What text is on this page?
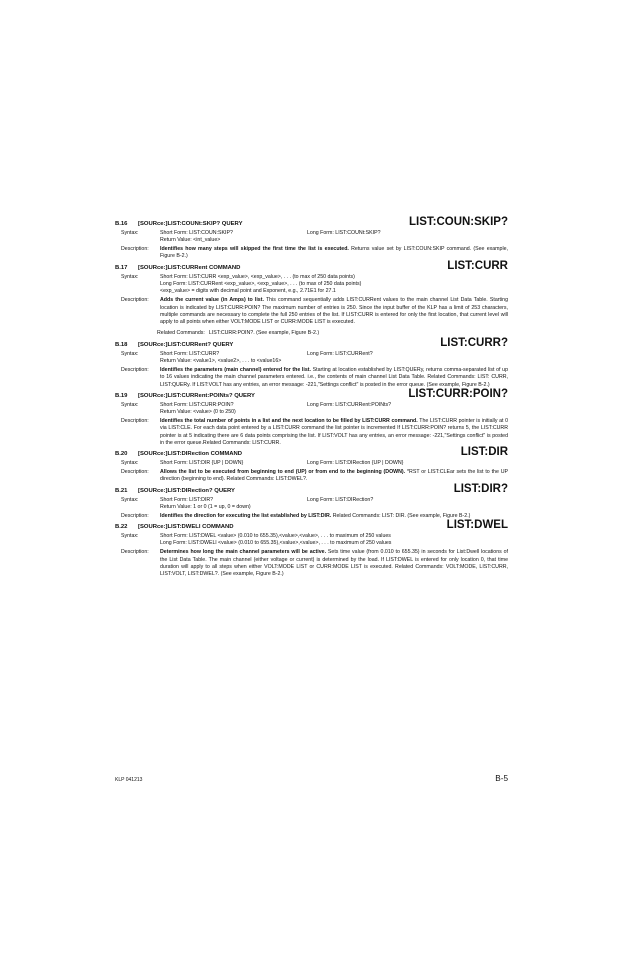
B.16 [SOURce:]LIST:COUNt:SKIP? QUERY	LIST:COUN:SKIP?
Syntax:	Short Form: LIST:COUN:SKIP?	Long Form: LIST:COUNt:SKIP?
Return Value: <int_value>
Description:	Identifies how many steps will skipped the first time the list is executed. Returns value set by LIST:COUN:SKIP command. (See example, Figure B-2.)
B.17 [SOURce:]LIST:CURRent COMMAND	LIST:CURR
Syntax:	Short Form: LIST:CURR <exp_value>, <exp_value>, . . . (to max of 250 data points)
Long Form: LIST:CURRent <exp_value>, <exp_value>, . . . (to max of 250 data points)
<exp_value> = digits with decimal point and Exponent, e.g., 2.71E1 for 27.1
Description:	Adds the current value (in Amps) to list. This command sequentially adds LIST:CURRent values to the main channel List Data Table. Starting location is indicated by LIST:CURR:POIN? The maximum number of entries is 250. Since the input buffer of the KLP has a limit of 253 characters, multiple commands are necessary to complete the full 250 entries of the list. If LIST:CURR is entered for only the first location, that current level will apply to all points when either VOLT:MODE LIST or CURR:MODE LIST is executed.
Related Commands: LIST:CURR:POIN?. (See example, Figure B-2.)
B.18 [SOURce:]LIST:CURRent? QUERY	LIST:CURR?
Syntax:	Short Form: LIST:CURR?	Long Form: LIST:CURRent?
Return Value: <value1>, <value2>, . . . to <value16>
Description:	Identifies the parameters (main channel) entered for the list. Starting at location established by LIST:QUERy, returns comma-separated list of up to 16 values indicating the main channel parameters entered. i.e., the contents of main channel List Data Table. Related Commands: LIST: CURR, LIST:QUERy. If LIST:VOLT has any entries, an error message: -221,"Settings conflict" is posted in the error queue. (See example, Figure B-2.)
B.19 [SOURce:]LIST:CURRent:POINts? QUERY	LIST:CURR:POIN?
Syntax:	Short Form: LIST:CURR:POIN?	Long Form: LIST:CURRent:POINts?
Return Value: <value> (0 to 250)
Description:	Identifies the total number of points in a list and the next location to be filled by LIST:CURR command. The LIST:CURR pointer is initially at 0 via LIST:CLE. For each data point entered by a LIST:CURR command the list pointer is incremented If LIST:CURR:POIN? returns 5, the LIST:CURR pointer is at 5 indicating there are 6 data points comprising the list. If LIST:VOLT has any entries, an error message: -221,"Settings conflict" is posted in the error queue.Related Commands: LIST:CURR.
B.20 [SOURce:]LIST:DIRection COMMAND	LIST:DIR
Syntax:	Short Form: LIST:DIR {UP | DOWN}	Long Form: LIST:DIRection {UP | DOWN}
Description:	Allows the list to be executed from beginning to end (UP) or from end to the beginning (DOWN). *RST or LIST:CLEar sets the list to the UP direction (beginning to end). Related Commands: LIST:DWEL?.
B.21 [SOURce:]LIST:DIRection? QUERY	LIST:DIR?
Syntax:	Short Form: LIST:DIR?	Long Form: LIST:DIRection?
Return Value: 1 or 0 (1 = up, 0 = down)
Description:	Identifies the direction for executing the list established by LIST:DIR. Related Commands: LIST: DIR. (See example, Figure B-2.)
B.22 [SOURce:]LIST:DWELl COMMAND	LIST:DWEL
Syntax:	Short Form: LIST:DWEL <value> (0.010 to 655.35),<value>,<value>, . . . to maximum of 250 values
Long Form: LIST:DWELl <value> (0.010 to 655.35),<value>,<value>, . . . to maximum of 250 values
Description:	Determines how long the main channel parameters will be active. Sets time value (from 0.010 to 655.35) in seconds for List:Dwell locations of the List Data Table. The main channel (either voltage or current) is determined by the load. If LIST:DWEL is entered for only location 0, that time duration will apply to all steps when either VOLT:MODE LIST or CURR:MODE LIST is executed. Related Commands: VOLT:MODE, LIST:CURR, LIST:VOLT, LIST:DWEL?. (See example, Figure B-2.)
KLP 041213	B-5
